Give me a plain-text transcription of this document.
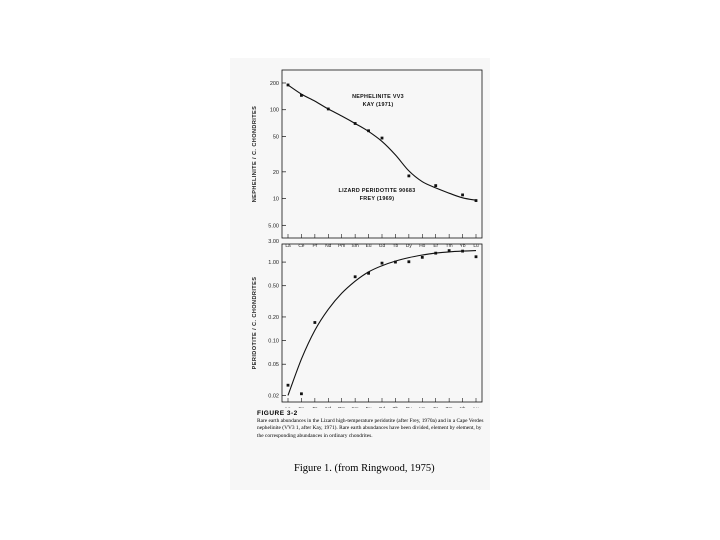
200
100
50
20
10
5.00
La Ce Pr Nd Pm Sm Eu Gd Tb Dy Ho Er Tm Yb Lu
NEPHELINITE / C. CHONDRITES
NEPHELINITE VV3
KAY (1971)
1.00
0.50
0.20
0.10
0.05
0.02
3.00
PERIDOTITE / C. CHONDRITES
LIZARD PERIDOTITE 90683
FREY (1969)
FIGURE 3-2
Rare earth abundances in the Lizard high-temperature peridotite (after Frey, 1970a) and in a Cape Verdes nephelinite (VV3 1, after Kay, 1971). Rare earth abundances have been divided, element by element, by the corresponding abundances in ordinary chondrites.
Figure 1. (from Ringwood, 1975)
